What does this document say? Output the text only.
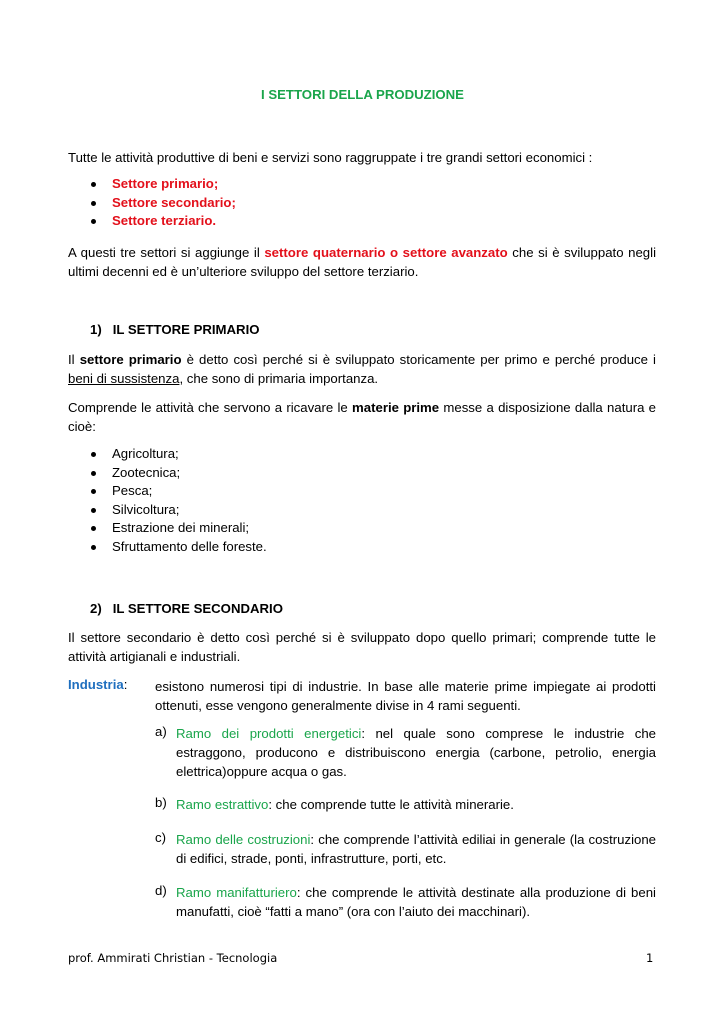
I SETTORI DELLA PRODUZIONE

Tutte le attività produttive di beni e servizi sono raggruppate i tre grandi settori economici :

Settore primario;
Settore secondario;
Settore terziario.

A questi tre settori si aggiunge il settore quaternario o settore avanzato che si è sviluppato negli ultimi decenni ed è un’ulteriore sviluppo del settore terziario.

1)   IL SETTORE PRIMARIO

Il settore primario è detto così perché si è sviluppato storicamente per primo e perché produce i beni di sussistenza, che sono di primaria importanza.

Comprende le attività che servono a ricavare le materie prime messe a disposizione dalla natura e cioè:

Agricoltura;
Zootecnica;
Pesca;
Silvicoltura;
Estrazione dei minerali;
Sfruttamento delle foreste.

2)   IL SETTORE SECONDARIO

Il settore secondario è detto così perché si è sviluppato dopo quello primari; comprende tutte le attività artigianali e industriali.

Industria: esistono numerosi tipi di industrie. In base alle materie prime impiegate ai prodotti ottenuti, esse vengono generalmente divise in 4 rami seguenti.

a) Ramo dei prodotti energetici: nel quale sono comprese le industrie che estraggono, producono e distribuiscono energia (carbone, petrolio, energia elettrica)oppure acqua o gas.

b) Ramo estrattivo: che comprende tutte le attività minerarie.

c) Ramo delle costruzioni: che comprende l’attività ediliai in generale (la costruzione di edifici, strade, ponti, infrastrutture, porti, etc.

d) Ramo manifatturiero: che comprende le attività destinate alla produzione di beni manufatti, cioè “fatti a mano” (ora con l’aiuto dei macchinari).

prof. Ammirati Christian - Tecnologia	1
